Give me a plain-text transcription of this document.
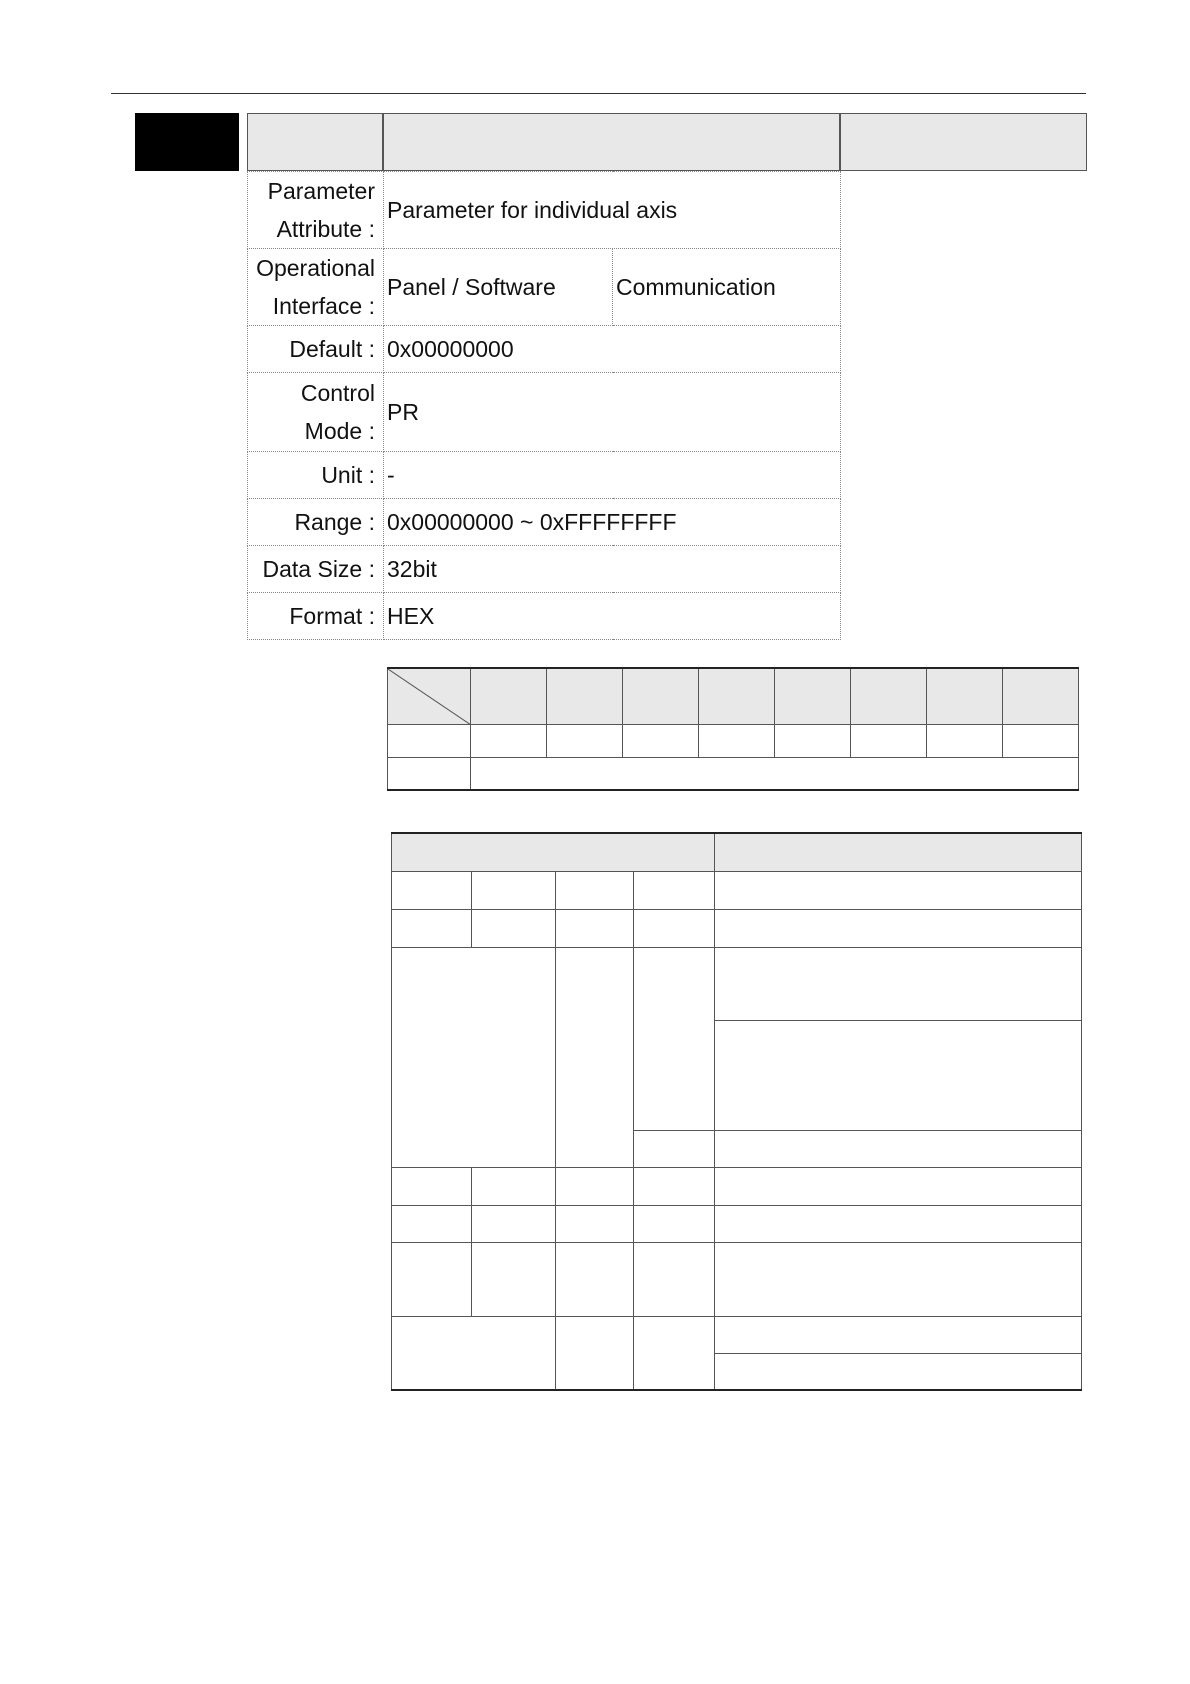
Parameter
Attribute :	Parameter for individual axis	
Operational
Interface :	Panel / Software	Communication
Default :	0x00000000	
Control
Mode :	PR	
Unit :	-	
Range :	0x00000000 ~ 0xFFFFFFFF	
Data Size :	32bit	
Format :	HEX	
